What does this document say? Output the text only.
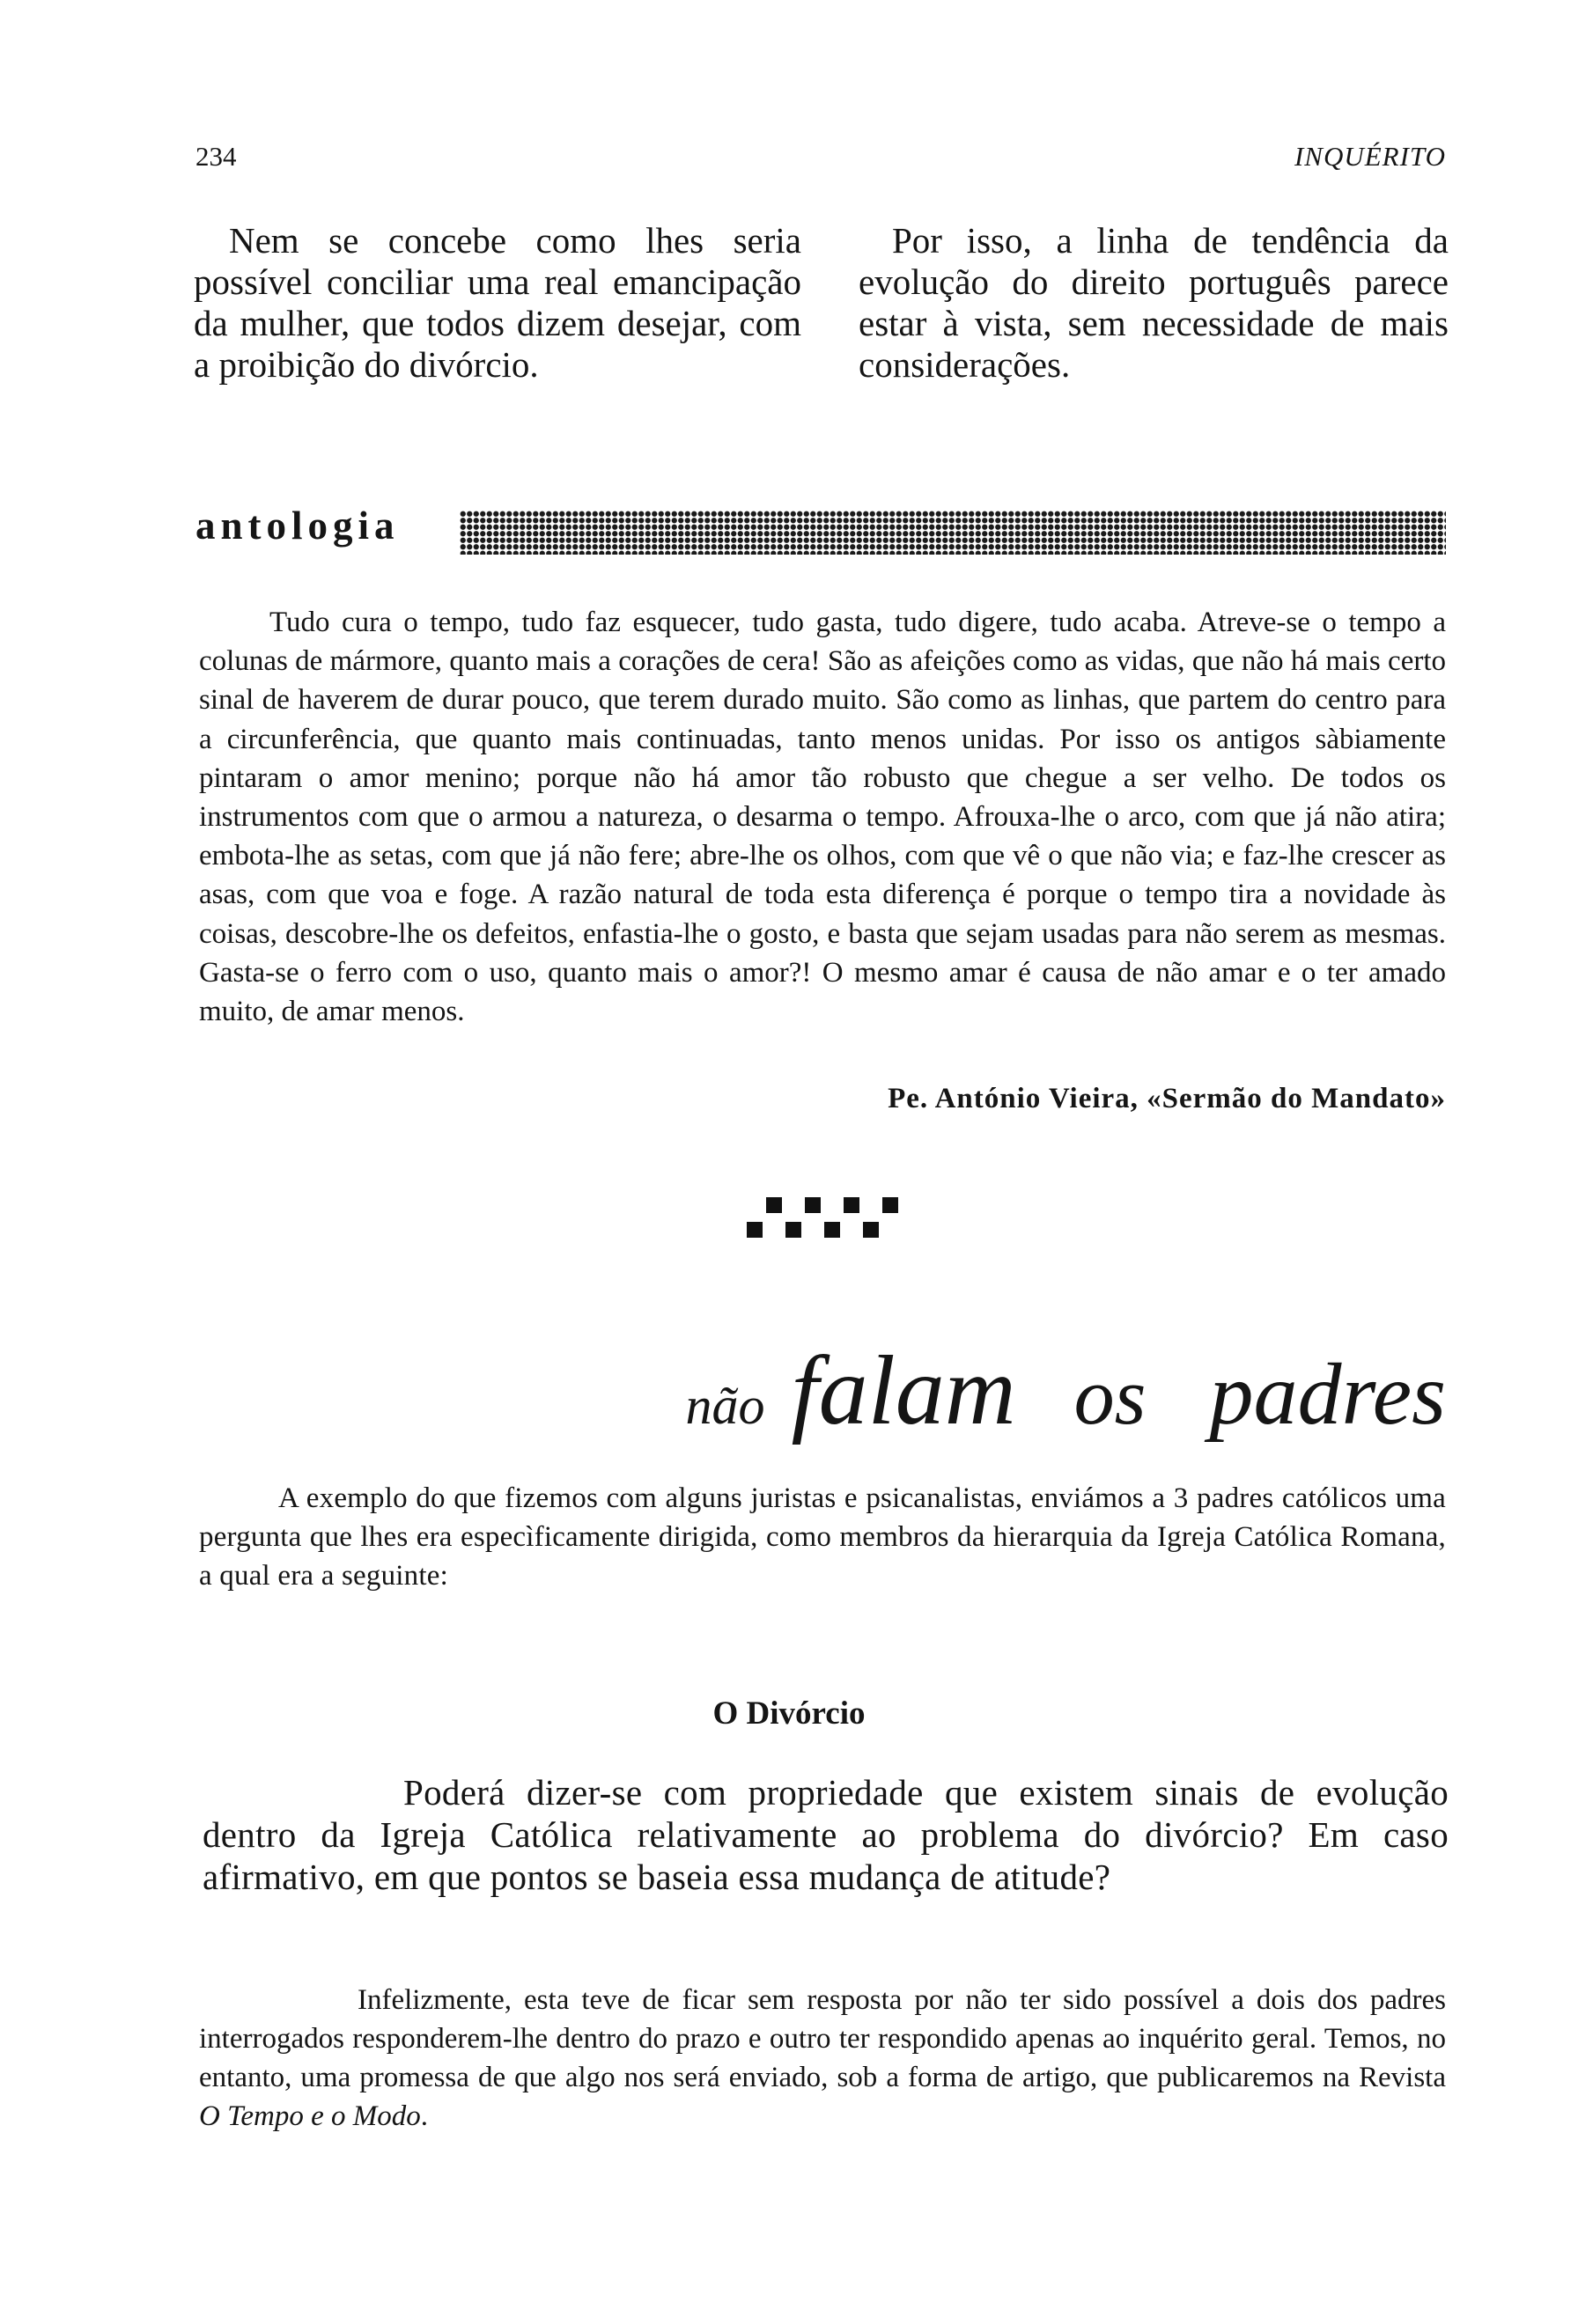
234	INQUÉRITO

Nem se concebe como lhes seria possível conciliar uma real emancipação da mulher, que todos dizem desejar, com a proibição do divórcio.

Por isso, a linha de tendência da evolução do direito português parece estar à vista, sem necessidade de mais considerações.

antologia

Tudo cura o tempo, tudo faz esquecer, tudo gasta, tudo digere, tudo acaba. Atreve-se o tempo a colunas de mármore, quanto mais a corações de cera! São as afeições como as vidas, que não há mais certo sinal de haverem de durar pouco, que terem durado muito. São como as linhas, que partem do centro para a circunferência, que quanto mais continuadas, tanto menos unidas. Por isso os antigos sàbiamente pintaram o amor menino; porque não há amor tão robusto que chegue a ser velho. De todos os instrumentos com que o armou a natureza, o desarma o tempo. Afrouxa-lhe o arco, com que já não atira; embota-lhe as setas, com que já não fere; abre-lhe os olhos, com que vê o que não via; e faz-lhe crescer as asas, com que voa e foge. A razão natural de toda esta diferença é porque o tempo tira a novidade às coisas, descobre-lhe os defeitos, enfastia-lhe o gosto, e basta que sejam usadas para não serem as mesmas. Gasta-se o ferro com o uso, quanto mais o amor?! O mesmo amar é causa de não amar e o ter amado muito, de amar menos.

Pe. António Vieira, «Sermão do Mandato»
não falam os padres

A exemplo do que fizemos com alguns juristas e psicanalistas, enviámos a 3 padres católicos uma pergunta que lhes era especìficamente dirigida, como membros da hierarquia da Igreja Católica Romana, a qual era a seguinte:

O Divórcio

Poderá dizer-se com propriedade que existem sinais de evolução dentro da Igreja Católica relativamente ao problema do divórcio? Em caso afirmativo, em que pontos se baseia essa mudança de atitude?

Infelizmente, esta teve de ficar sem resposta por não ter sido possível a dois dos padres interrogados responderem-lhe dentro do prazo e outro ter respondido apenas ao inquérito geral. Temos, no entanto, uma promessa de que algo nos será enviado, sob a forma de artigo, que publicaremos na Revista O Tempo e o Modo.
